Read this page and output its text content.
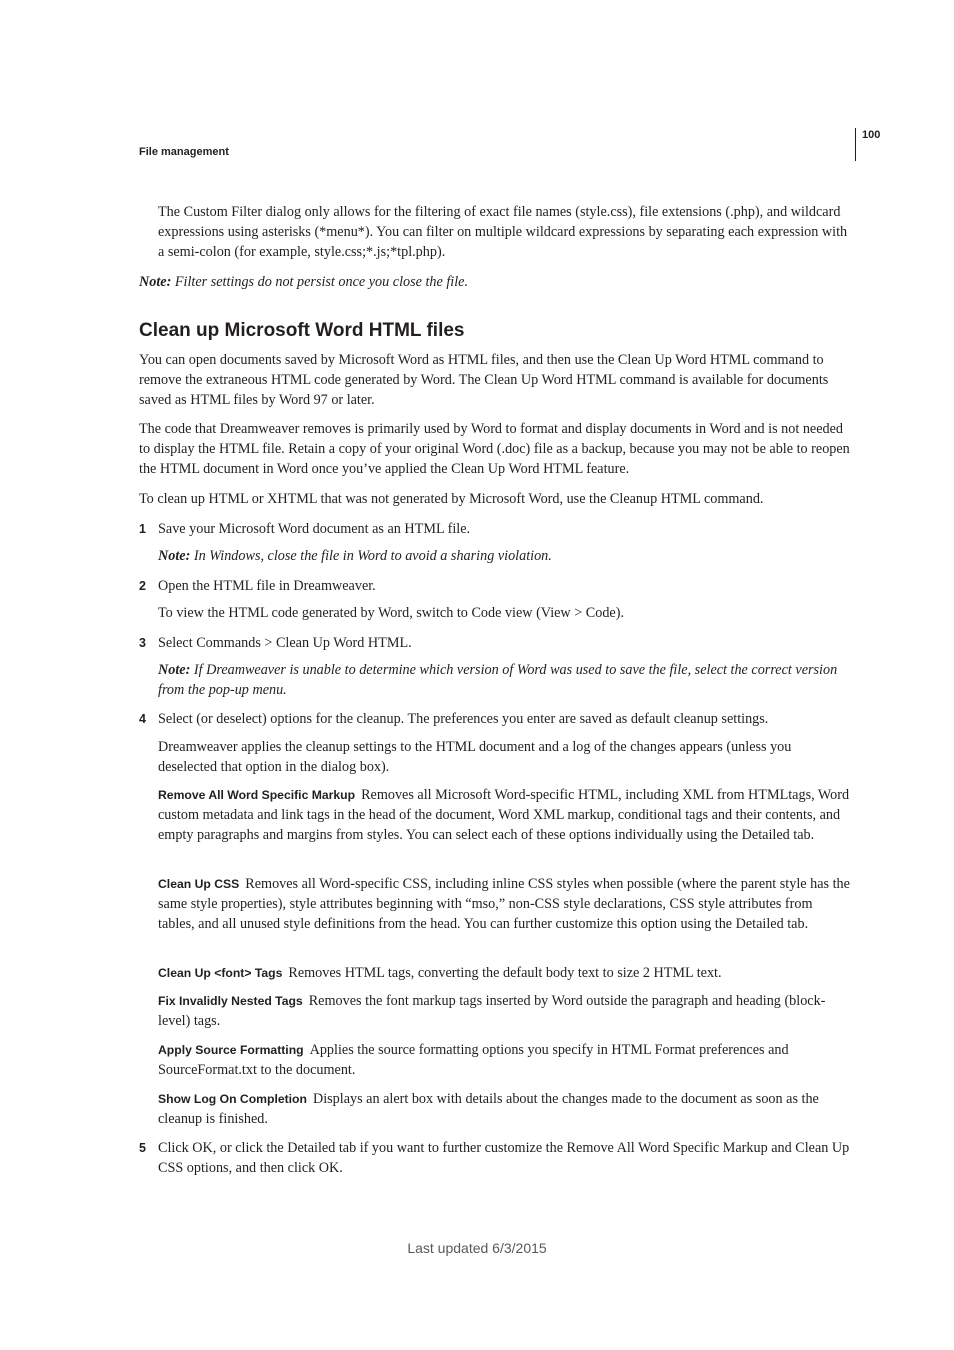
File management
100

The Custom Filter dialog only allows for the filtering of exact file names (style.css), file extensions (.php), and wildcard expressions using asterisks (*menu*). You can filter on multiple wildcard expressions by separating each expression with a semi-colon (for example, style.css;*.js;*tpl.php).

Note: Filter settings do not persist once you close the file.

Clean up Microsoft Word HTML files

You can open documents saved by Microsoft Word as HTML files, and then use the Clean Up Word HTML command to remove the extraneous HTML code generated by Word. The Clean Up Word HTML command is available for documents saved as HTML files by Word 97 or later.

The code that Dreamweaver removes is primarily used by Word to format and display documents in Word and is not needed to display the HTML file. Retain a copy of your original Word (.doc) file as a backup, because you may not be able to reopen the HTML document in Word once you’ve applied the Clean Up Word HTML feature.

To clean up HTML or XHTML that was not generated by Microsoft Word, use the Cleanup HTML command.

1 Save your Microsoft Word document as an HTML file.

Note: In Windows, close the file in Word to avoid a sharing violation.

2 Open the HTML file in Dreamweaver.

To view the HTML code generated by Word, switch to Code view (View > Code).

3 Select Commands > Clean Up Word HTML.

Note: If Dreamweaver is unable to determine which version of Word was used to save the file, select the correct version from the pop-up menu.

4 Select (or deselect) options for the cleanup. The preferences you enter are saved as default cleanup settings.

Dreamweaver applies the cleanup settings to the HTML document and a log of the changes appears (unless you deselected that option in the dialog box).

Remove All Word Specific Markup Removes all Microsoft Word-specific HTML, including XML from HTMLtags, Word custom metadata and link tags in the head of the document, Word XML markup, conditional tags and their contents, and empty paragraphs and margins from styles. You can select each of these options individually using the Detailed tab.

Clean Up CSS Removes all Word-specific CSS, including inline CSS styles when possible (where the parent style has the same style properties), style attributes beginning with “mso,” non-CSS style declarations, CSS style attributes from tables, and all unused style definitions from the head. You can further customize this option using the Detailed tab.

Clean Up <font> Tags Removes HTML tags, converting the default body text to size 2 HTML text.

Fix Invalidly Nested Tags Removes the font markup tags inserted by Word outside the paragraph and heading (block-level) tags.

Apply Source Formatting Applies the source formatting options you specify in HTML Format preferences and SourceFormat.txt to the document.

Show Log On Completion Displays an alert box with details about the changes made to the document as soon as the cleanup is finished.

5 Click OK, or click the Detailed tab if you want to further customize the Remove All Word Specific Markup and Clean Up CSS options, and then click OK.

Last updated 6/3/2015
